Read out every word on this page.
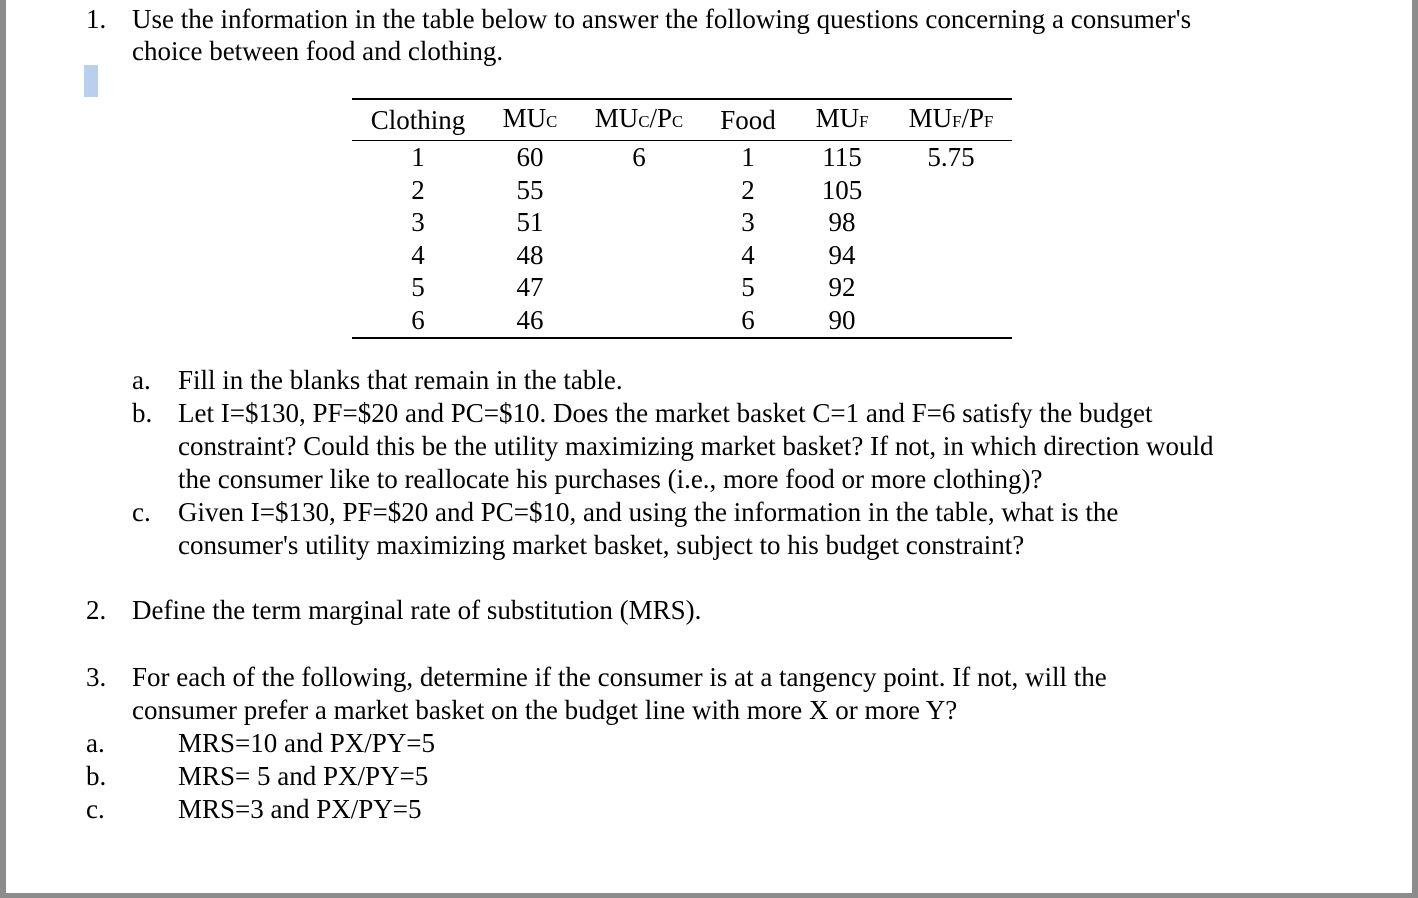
1. Use the information in the table below to answer the following questions concerning a consumer's
choice between food and clothing.
Clothing	MUC	MUC/PC	Food	MUF	MUF/PF
1	60	6	1	115	5.75
2	55		2	105	
3	51		3	98	
4	48		4	94	
5	47		5	92	
6	46		6	90	
a. Fill in the blanks that remain in the table.
b. Let I=$130, PF=$20 and PC=$10. Does the market basket C=1 and F=6 satisfy the budget
constraint? Could this be the utility maximizing market basket? If not, in which direction would
the consumer like to reallocate his purchases (i.e., more food or more clothing)?
c. Given I=$130, PF=$20 and PC=$10, and using the information in the table, what is the
consumer's utility maximizing market basket, subject to his budget constraint?
2. Define the term marginal rate of substitution (MRS).
3. For each of the following, determine if the consumer is at a tangency point. If not, will the
consumer prefer a market basket on the budget line with more X or more Y?
a.	MRS=10 and PX/PY=5
b.	MRS= 5 and PX/PY=5
c.	MRS=3 and PX/PY=5
